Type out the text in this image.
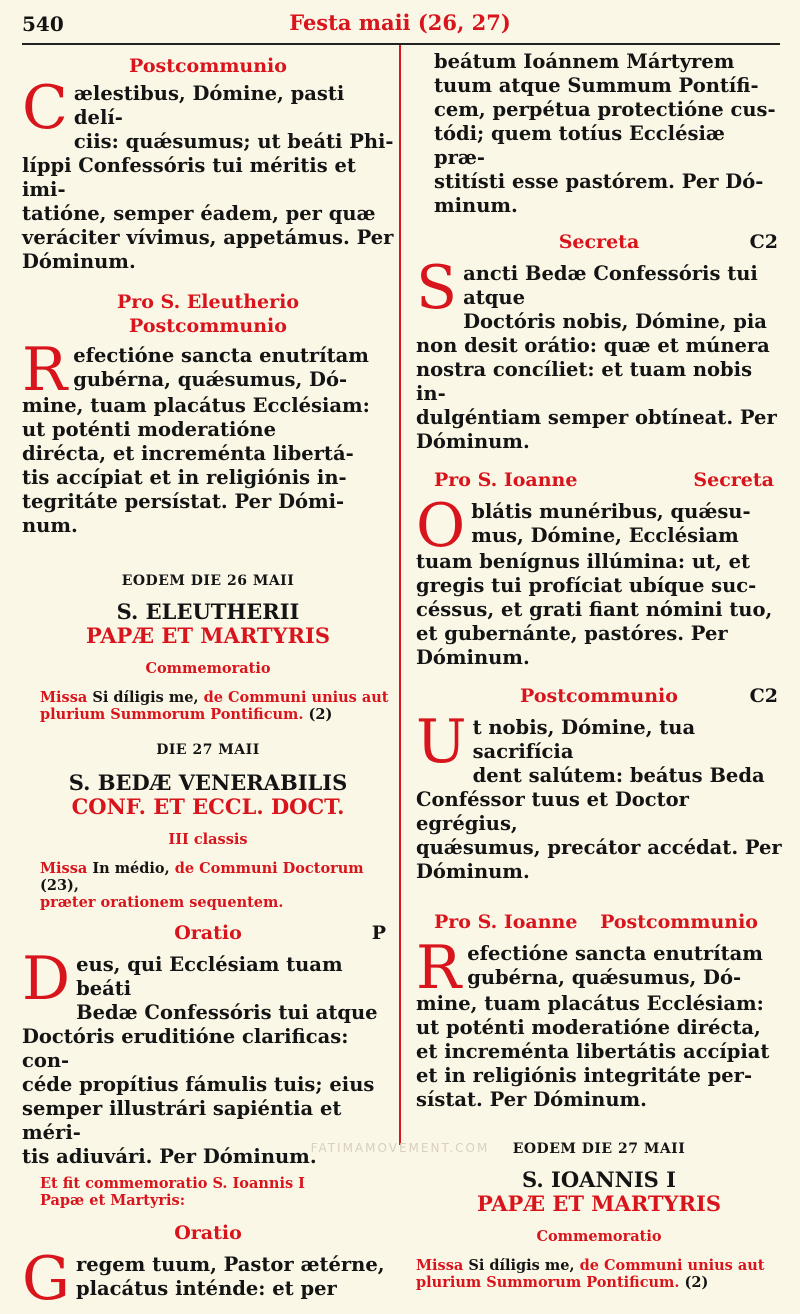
540	Festa maii (26, 27)
Postcommunio
C ælestibus, Dómine, pasti delí-
ciis: quǽsumus; ut beáti Phi-
líppi Confessóris tui méritis et imi-
tatióne, semper éadem, per quæ
veráciter vívimus, appetámus. Per
Dóminum.
Pro S. Eleutherio
Postcommunio
R efectióne sancta enutrítam
gubérna, quǽsumus, Dó-
mine, tuam placátus Ecclésiam: ut poténti moderatióne
dirécta, et increménta libertá-
tis accípiat et in religiónis in-
tegritáte persístat. Per Dómi-
num.
EODEM DIE 26 MAII
S. ELEUTHERII
PAPÆ ET MARTYRIS
Commemoratio
Missa Si díligis me, de Communi unius aut plurium Summorum Pontificum. (2)
DIE 27 MAII
S. BEDÆ VENERABILIS
CONF. ET ECCL. DOCT.
III classis
Missa In médio, de Communi Doctorum (23),
præter orationem sequentem.
Oratio	P
D eus, qui Ecclésiam tuam beáti
Bedæ Confessóris tui atque
Doctóris eruditióne clarificas: con-
céde propítius fámulis tuis; eius
semper illustrári sapiéntia et méri-
tis adiuvári. Per Dóminum.
Et fit commemoratio S. Ioannis I Papæ et Martyris:
Oratio
G regem tuum, Pastor ætérne,
placátus inténde: et per
beátum Ioánnem Mártyrem
tuum atque Summum Pontífi-
cem, perpétua protectióne cus-
tódi; quem totíus Ecclésiæ præ-
stitísti esse pastórem. Per Dó-
minum.
Secreta	C2
S ancti Bedæ Confessóris tui atque
Doctóris nobis, Dómine, pia
non desit orátio: quæ et múnera
nostra concíliet: et tuam nobis in-
dulgéntiam semper obtíneat. Per
Dóminum.
Pro S. Ioanne	Secreta
O blátis munéribus, quǽsu-
mus, Dómine, Ecclésiam
tuam benígnus illúmina: ut, et
gregis tui profíciat ubíque suc-
céssus, et grati fiant nómini tuo,
et gubernánte, pastóres. Per
Dóminum.
Postcommunio	C2
U t nobis, Dómine, tua sacrifícia
dent salútem: beátus Beda
Conféssor tuus et Doctor egrégius,
quǽsumus, precátor accédat. Per
Dóminum.
Pro S. Ioanne Postcommunio
R efectióne sancta enutrítam
gubérna, quǽsumus, Dó-
mine, tuam placátus Ecclésiam:
ut poténti moderatióne dirécta,
et increménta libertátis accípiat
et in religiónis integritáte per-
sístat. Per Dóminum.
EODEM DIE 27 MAII
S. IOANNIS I
PAPÆ ET MARTYRIS
Commemoratio
Missa Si díligis me, de Communi unius aut plurium Summorum Pontificum. (2)
FATIMAMOVEMENT.COM
